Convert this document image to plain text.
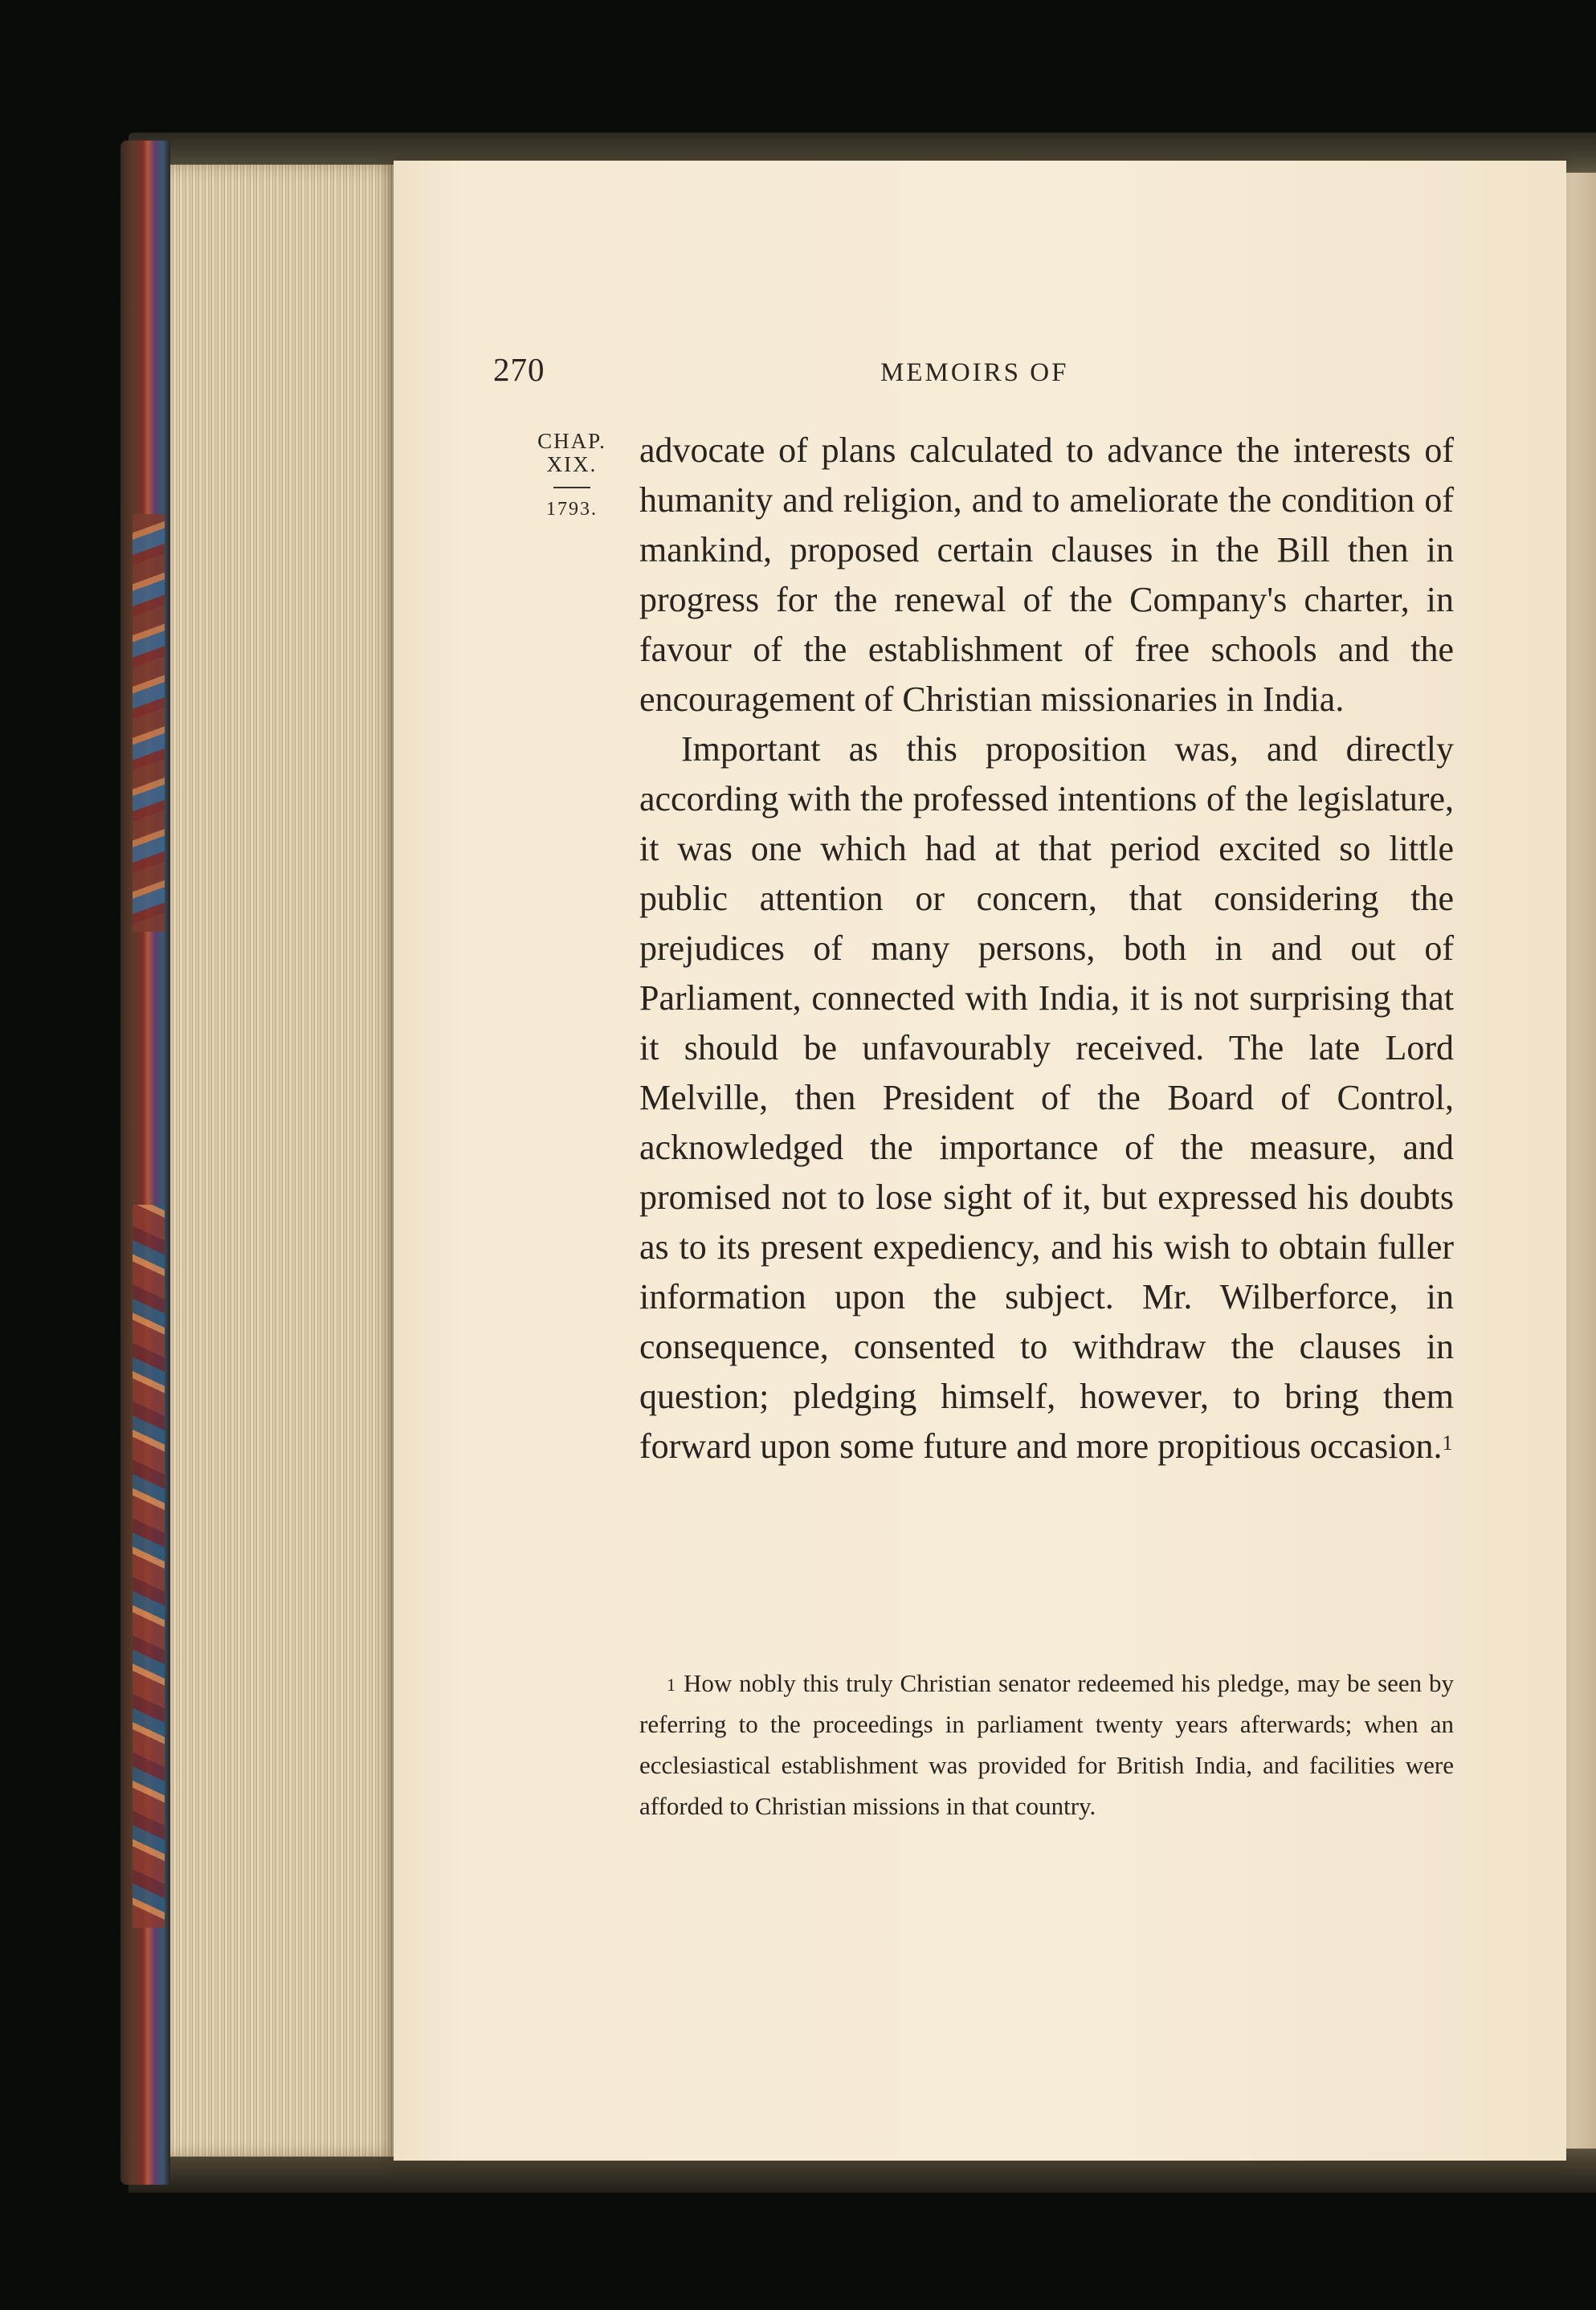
270	MEMOIRS OF
CHAP.
XIX.
1793.

advocate of plans calculated to advance the interests of humanity and religion, and to ameliorate the condition of mankind, proposed certain clauses in the Bill then in progress for the renewal of the Company's charter, in favour of the establishment of free schools and the encouragement of Christian missionaries in India.

Important as this proposition was, and directly according with the professed intentions of the legislature, it was one which had at that period excited so little public attention or concern, that considering the prejudices of many persons, both in and out of Parliament, connected with India, it is not surprising that it should be unfavourably received. The late Lord Melville, then President of the Board of Control, acknowledged the importance of the measure, and promised not to lose sight of it, but expressed his doubts as to its present expediency, and his wish to obtain fuller information upon the subject. Mr. Wilberforce, in consequence, consented to withdraw the clauses in question; pledging himself, however, to bring them forward upon some future and more propitious occasion.$^1$

$^1$ How nobly this truly Christian senator redeemed his pledge, may be seen by referring to the proceedings in parliament twenty years afterwards; when an ecclesiastical establishment was provided for British India, and facilities were afforded to Christian missions in that country.
